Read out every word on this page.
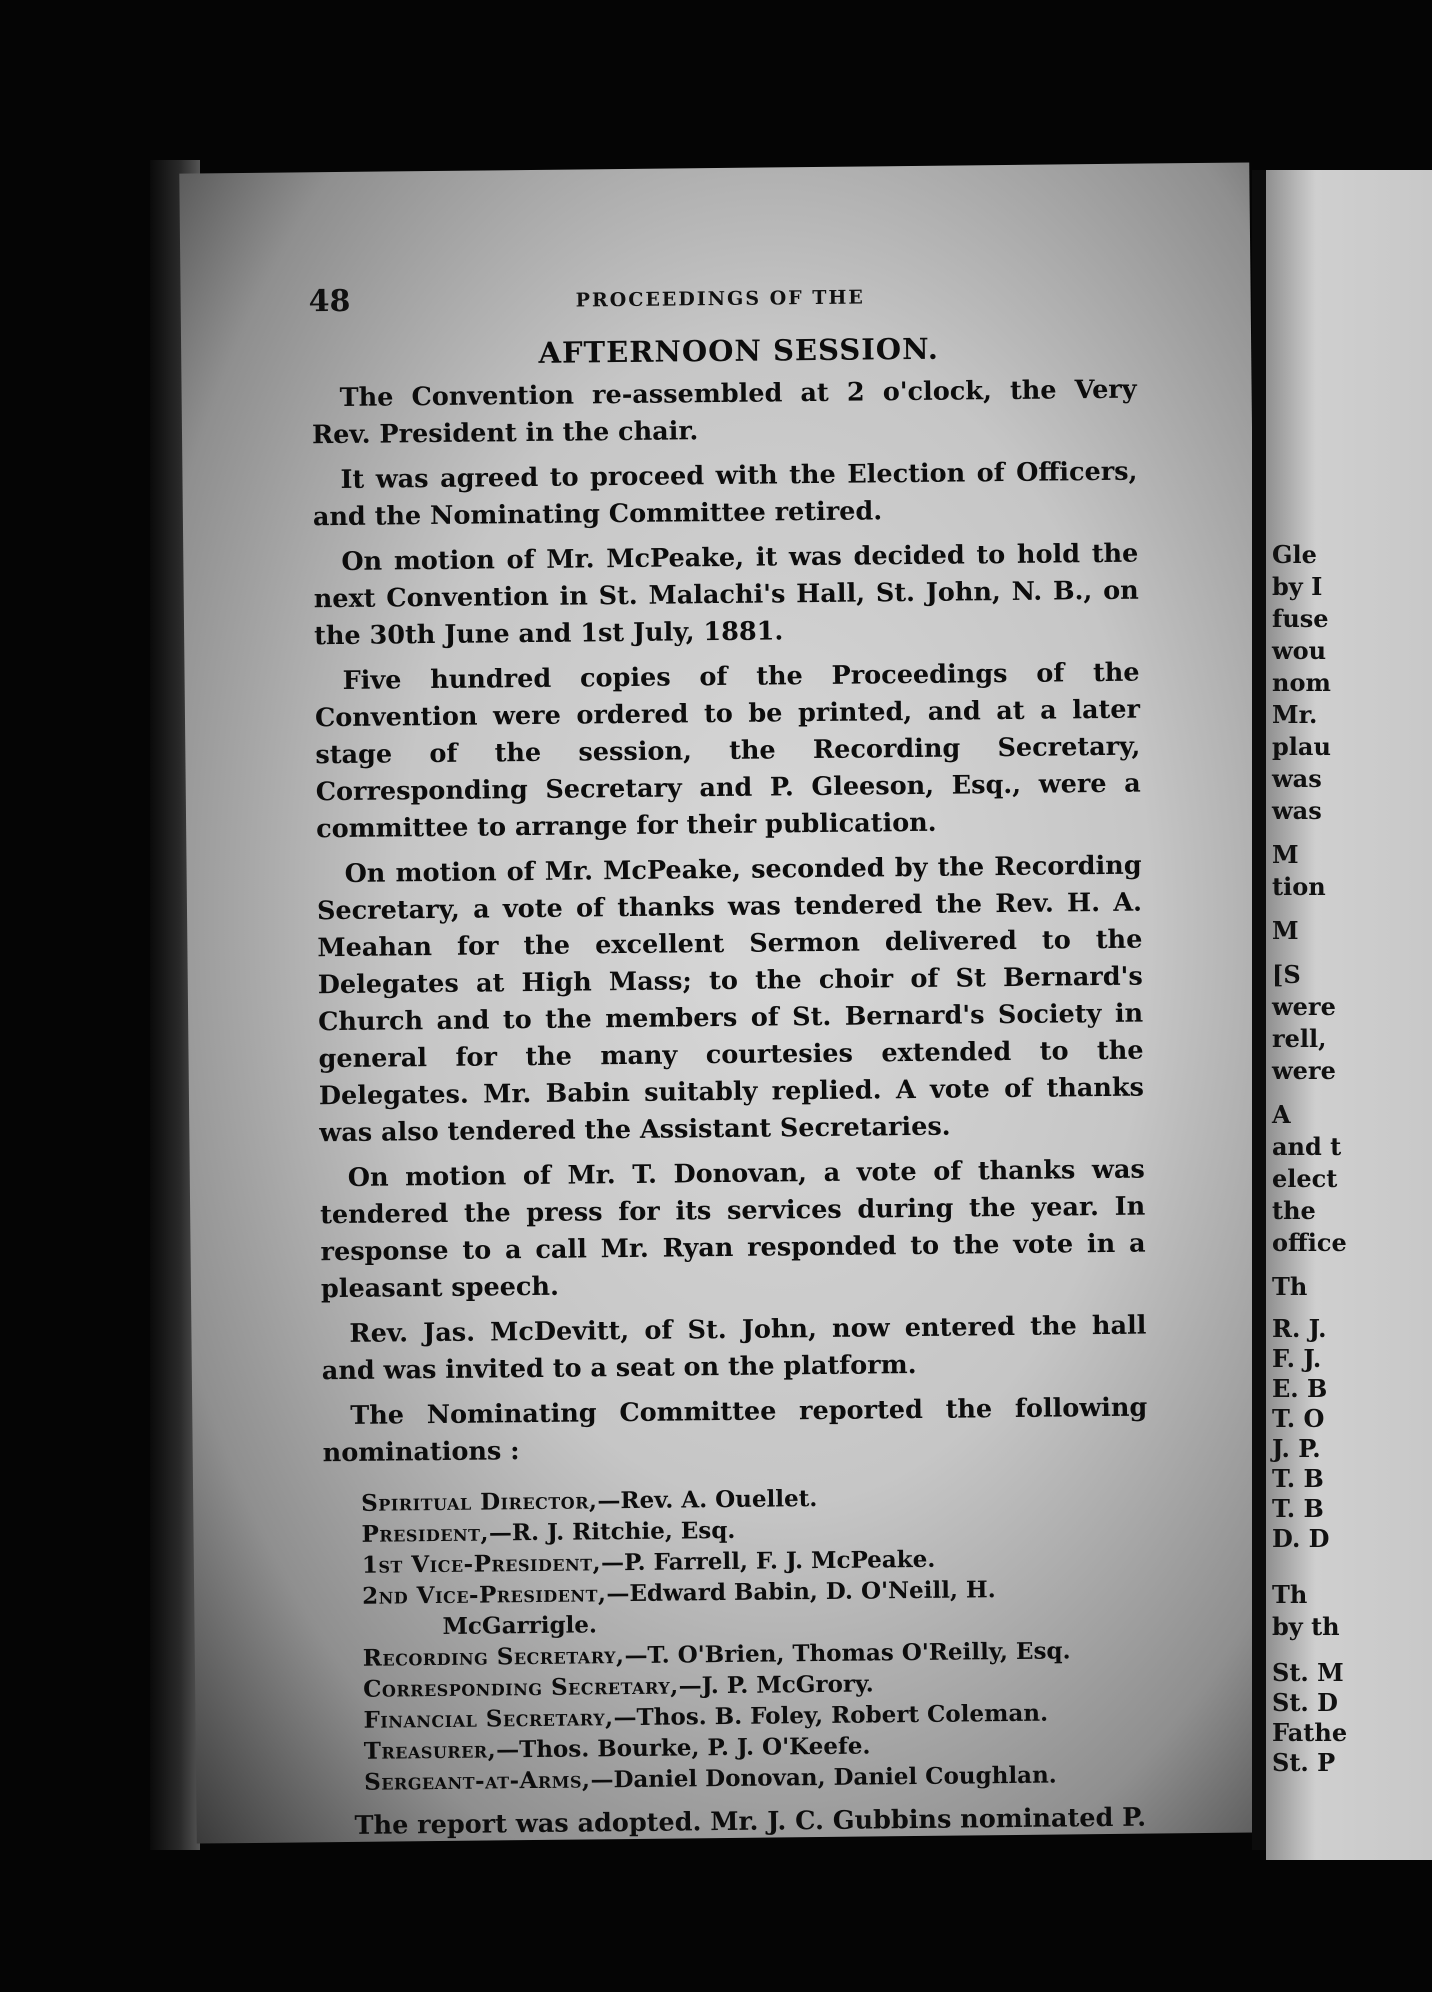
48	PROCEEDINGS OF THE
AFTERNOON SESSION.

The Convention re-assembled at 2 o'clock, the Very Rev. President in the chair.

It was agreed to proceed with the Election of Officers, and the Nominating Committee retired.

On motion of Mr. McPeake, it was decided to hold the next Convention in St. Malachi's Hall, St. John, N. B., on the 30th June and 1st July, 1881.

Five hundred copies of the Proceedings of the Convention were ordered to be printed, and at a later stage of the session, the Recording Secretary, Corresponding Secretary and P. Gleeson, Esq., were a committee to arrange for their publication.

On motion of Mr. McPeake, seconded by the Recording Secretary, a vote of thanks was tendered the Rev. H. A. Meahan for the excellent Sermon delivered to the Delegates at High Mass; to the choir of St Bernard's Church and to the members of St. Bernard's Society in general for the many courtesies extended to the Delegates. Mr. Babin suitably replied. A vote of thanks was also tendered the Assistant Secretaries.

On motion of Mr. T. Donovan, a vote of thanks was tendered the press for its services during the year. In response to a call Mr. Ryan responded to the vote in a pleasant speech.

Rev. Jas. McDevitt, of St. John, now entered the hall and was invited to a seat on the platform.

The Nominating Committee reported the following nominations :

Spiritual Director,—Rev. A. Ouellet.
President,—R. J. Ritchie, Esq.
1st Vice-President,—P. Farrell, F. J. McPeake.
2nd Vice-President,—Edward Babin, D. O'Neill, H. McGarrigle.
Recording Secretary,—T. O'Brien, Thomas O'Reilly, Esq.
Corresponding Secretary,—J. P. McGrory.
Financial Secretary,—Thos. B. Foley, Robert Coleman.
Treasurer,—Thos. Bourke, P. J. O'Keefe.
Sergeant-at-Arms,—Daniel Donovan, Daniel Coughlan.

The report was adopted. Mr. J. C. Gubbins nominated P.

Gle
by I
fuse
wou
nom
Mr.
plau
was
was
M
tion
M
[S
were
rell,
were
A
and t
elect
the
office
Th
R. J.
F. J.
E. B
T. O
J. P.
T. B
T. B
D. D
Th
by th
St. M
St. D
Fathe
St. P
